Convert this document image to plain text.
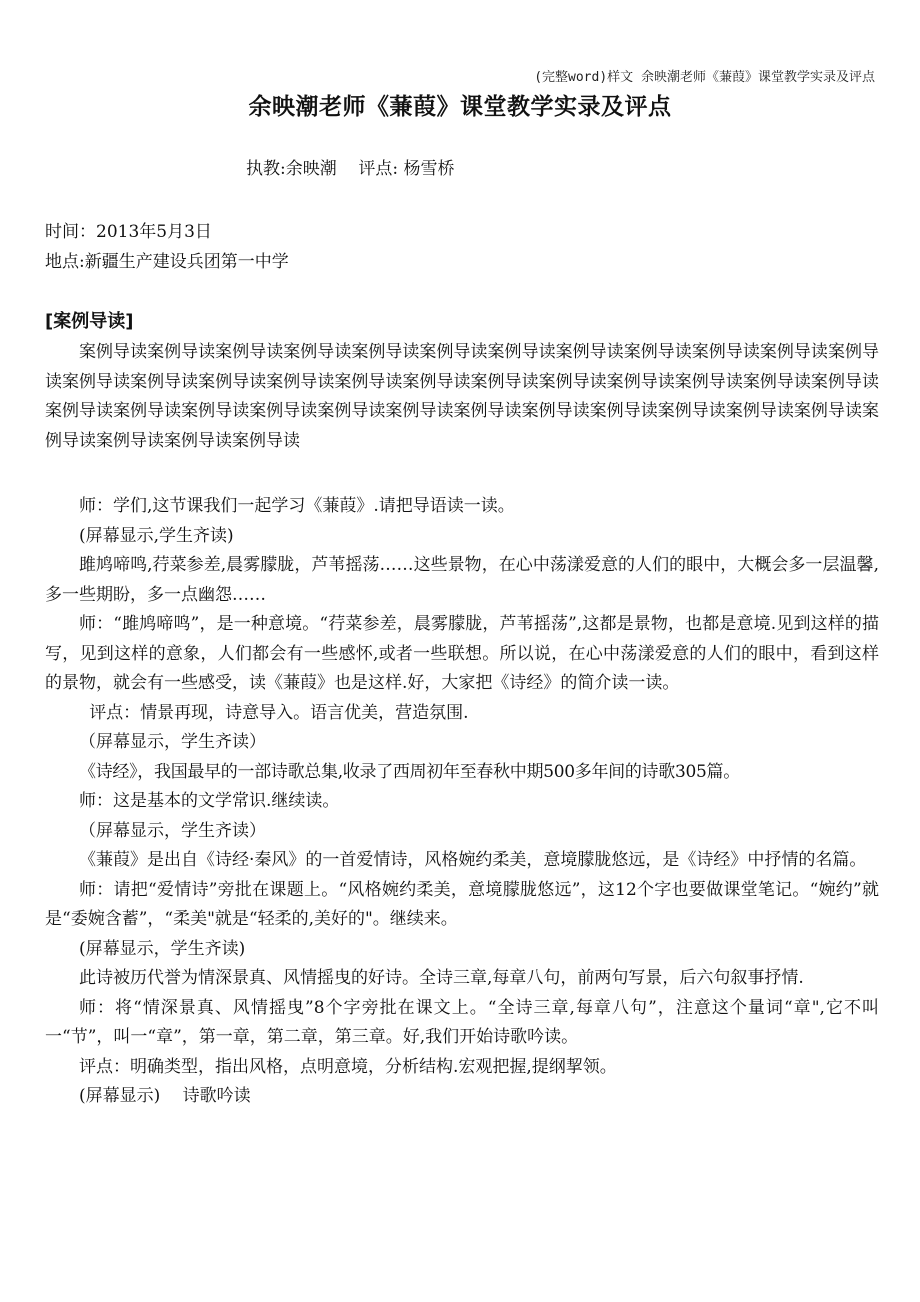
(完整word)样文 余映潮老师《蒹葭》课堂教学实录及评点
余映潮老师《蒹葭》课堂教学实录及评点
执教:余映潮    评点: 杨雪桥
时间：2013年5月3日
地点:新疆生产建设兵团第一中学
[案例导读]

案例导读案例导读案例导读案例导读案例导读案例导读案例导读案例导读案例导读案例导读案例导读案例导读案例导读案例导读案例导读案例导读案例导读案例导读案例导读案例导读案例导读案例导读案例导读案例导读案例导读案例导读案例导读案例导读案例导读案例导读案例导读案例导读案例导读案例导读案例导读案例导读案例导读案例导读案例导读案例导读

师：学们,这节课我们一起学习《蒹葭》.请把导语读一读。

(屏幕显示,学生齐读)

雎鸠啼鸣,荇菜参差,晨雾朦胧，芦苇摇荡……这些景物，在心中荡漾爱意的人们的眼中，大概会多一层温馨,多一些期盼，多一点幽怨……

师：“雎鸠啼鸣”，是一种意境。“荇菜参差，晨雾朦胧，芦苇摇荡”,这都是景物，也都是意境.见到这样的描写，见到这样的意象，人们都会有一些感怀,或者一些联想。所以说，在心中荡漾爱意的人们的眼中，看到这样的景物，就会有一些感受，读《蒹葭》也是这样.好，大家把《诗经》的简介读一读。

评点：情景再现，诗意导入。语言优美，营造氛围.

（屏幕显示，学生齐读）

《诗经》，我国最早的一部诗歌总集,收录了西周初年至春秋中期500多年间的诗歌305篇。

师：这是基本的文学常识.继续读。

（屏幕显示，学生齐读）

《蒹葭》是出自《诗经·秦风》的一首爱情诗，风格婉约柔美，意境朦胧悠远，是《诗经》中抒情的名篇。

师：请把“爱情诗”旁批在课题上。“风格婉约柔美，意境朦胧悠远”，这12个字也要做课堂笔记。“婉约”就是“委婉含蓄”，“柔美"就是“轻柔的,美好的"。继续来。

(屏幕显示，学生齐读)

此诗被历代誉为情深景真、风情摇曳的好诗。全诗三章,每章八句，前两句写景，后六句叙事抒情.

师：将“情深景真、风情摇曳”8个字旁批在课文上。“全诗三章,每章八句”，注意这个量词“章",它不叫一“节”，叫一“章”，第一章，第二章，第三章。好,我们开始诗歌吟读。

评点：明确类型，指出风格，点明意境，分析结构.宏观把握,提纲挈领。

(屏幕显示)　 诗歌吟读
